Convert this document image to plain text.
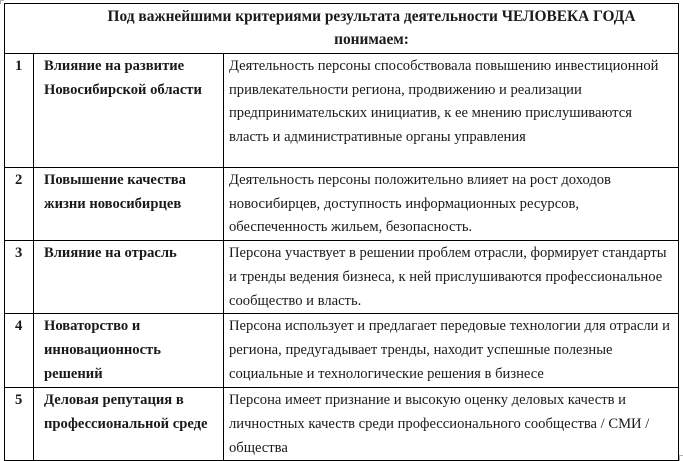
Под важнейшими критериями результата деятельности ЧЕЛОВЕКА ГОДА понимаем:		
1	Влияние на развитие Новосибирской области	Деятельность персоны способствовала повышению инвестиционной привлекательности региона, продвижению и реализации предпринимательских инициатив, к ее мнению прислушиваются власть и административные органы управления
2	Повышение качества жизни новосибирцев	Деятельность персоны положительно влияет на рост доходов новосибирцев, доступность информационных ресурсов, обеспеченность жильем, безопасность.
3	Влияние на отрасль	Персона участвует в решении проблем отрасли, формирует стандарты и тренды ведения бизнеса, к ней прислушиваются профессиональное сообщество и власть.
4	Новаторство и инновационность решений	Персона использует и предлагает передовые технологии для отрасли и региона, предугадывает тренды, находит успешные полезные социальные и технологические решения в бизнесе
5	Деловая репутация в профессиональной среде	Персона имеет признание и высокую оценку деловых качеств и личностных качеств среди профессионального сообщества / СМИ / общества
